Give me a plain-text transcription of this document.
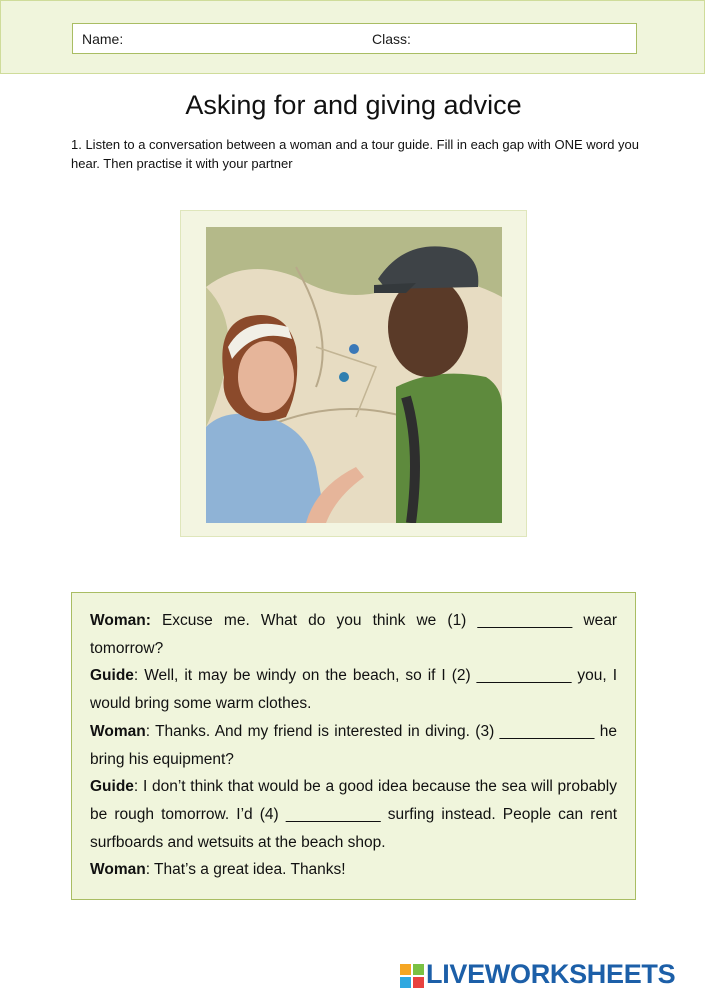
Name:	Class:
Asking for and giving advice

1. Listen to a conversation between a woman and a tour guide. Fill in each gap with ONE word you hear. Then practise it with your partner

Woman: Excuse me. What do you think we (1) ___________ wear tomorrow?

Guide: Well, it may be windy on the beach, so if I (2) ___________ you, I would bring some warm clothes.

Woman: Thanks. And my friend is interested in diving. (3) ___________ he bring his equipment?

Guide: I don’t think that would be a good idea because the sea will probably be rough tomorrow. I’d (4) ___________ surfing instead. People can rent surfboards and wetsuits at the beach shop.

Woman: That’s a great idea. Thanks!

LIVEWORKSHEETS
